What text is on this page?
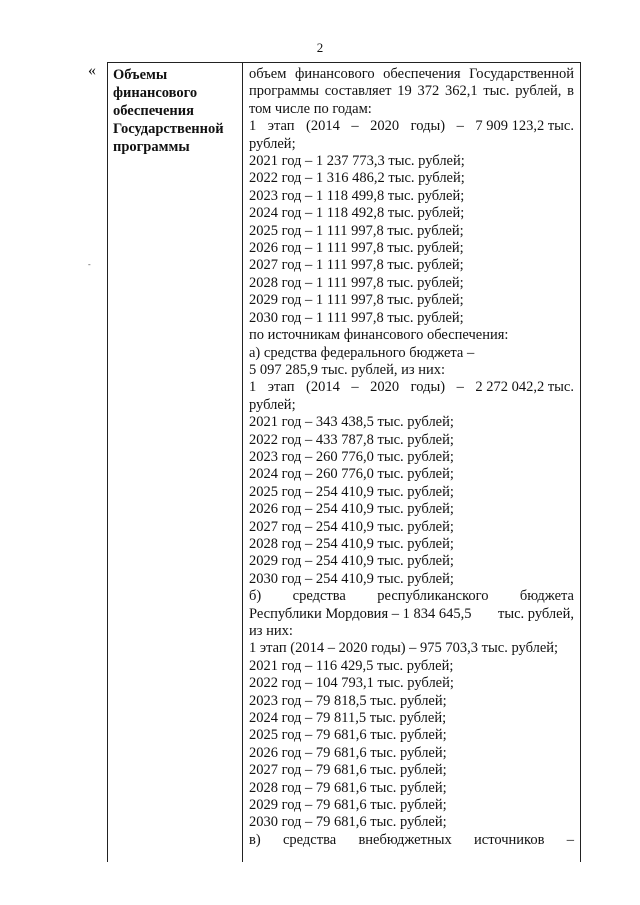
2
«
-
Объемы
финансового
обеспечения
Государственной
программы
объем финансового обеспечения Государственной
программы составляет 19 372 362,1 тыс. рублей, в
том числе по годам:
1 этап (2014 – 2020 годы) – 7 909 123,2 тыс.
рублей;
2021 год – 1 237 773,3 тыс. рублей;
2022 год – 1 316 486,2 тыс. рублей;
2023 год – 1 118 499,8 тыс. рублей;
2024 год – 1 118 492,8 тыс. рублей;
2025 год – 1 111 997,8 тыс. рублей;
2026 год – 1 111 997,8 тыс. рублей;
2027 год – 1 111 997,8 тыс. рублей;
2028 год – 1 111 997,8 тыс. рублей;
2029 год – 1 111 997,8 тыс. рублей;
2030 год – 1 111 997,8 тыс. рублей;
по источникам финансового обеспечения:
а) средства федерального бюджета –
5 097 285,9 тыс. рублей, из них:
1 этап (2014 – 2020 годы) – 2 272 042,2 тыс.
рублей;
2021 год – 343 438,5 тыс. рублей;
2022 год – 433 787,8 тыс. рублей;
2023 год – 260 776,0 тыс. рублей;
2024 год – 260 776,0 тыс. рублей;
2025 год – 254 410,9 тыс. рублей;
2026 год – 254 410,9 тыс. рублей;
2027 год – 254 410,9 тыс. рублей;
2028 год – 254 410,9 тыс. рублей;
2029 год – 254 410,9 тыс. рублей;
2030 год – 254 410,9 тыс. рублей;
б) средства республиканского бюджета
Республики Мордовия – 1 834 645,5 тыс. рублей,
из них:
1 этап (2014 – 2020 годы) – 975 703,3 тыс. рублей;
2021 год – 116 429,5 тыс. рублей;
2022 год – 104 793,1 тыс. рублей;
2023 год – 79 818,5 тыс. рублей;
2024 год – 79 811,5 тыс. рублей;
2025 год – 79 681,6 тыс. рублей;
2026 год – 79 681,6 тыс. рублей;
2027 год – 79 681,6 тыс. рублей;
2028 год – 79 681,6 тыс. рублей;
2029 год – 79 681,6 тыс. рублей;
2030 год – 79 681,6 тыс. рублей;
в) средства внебюджетных источников –
